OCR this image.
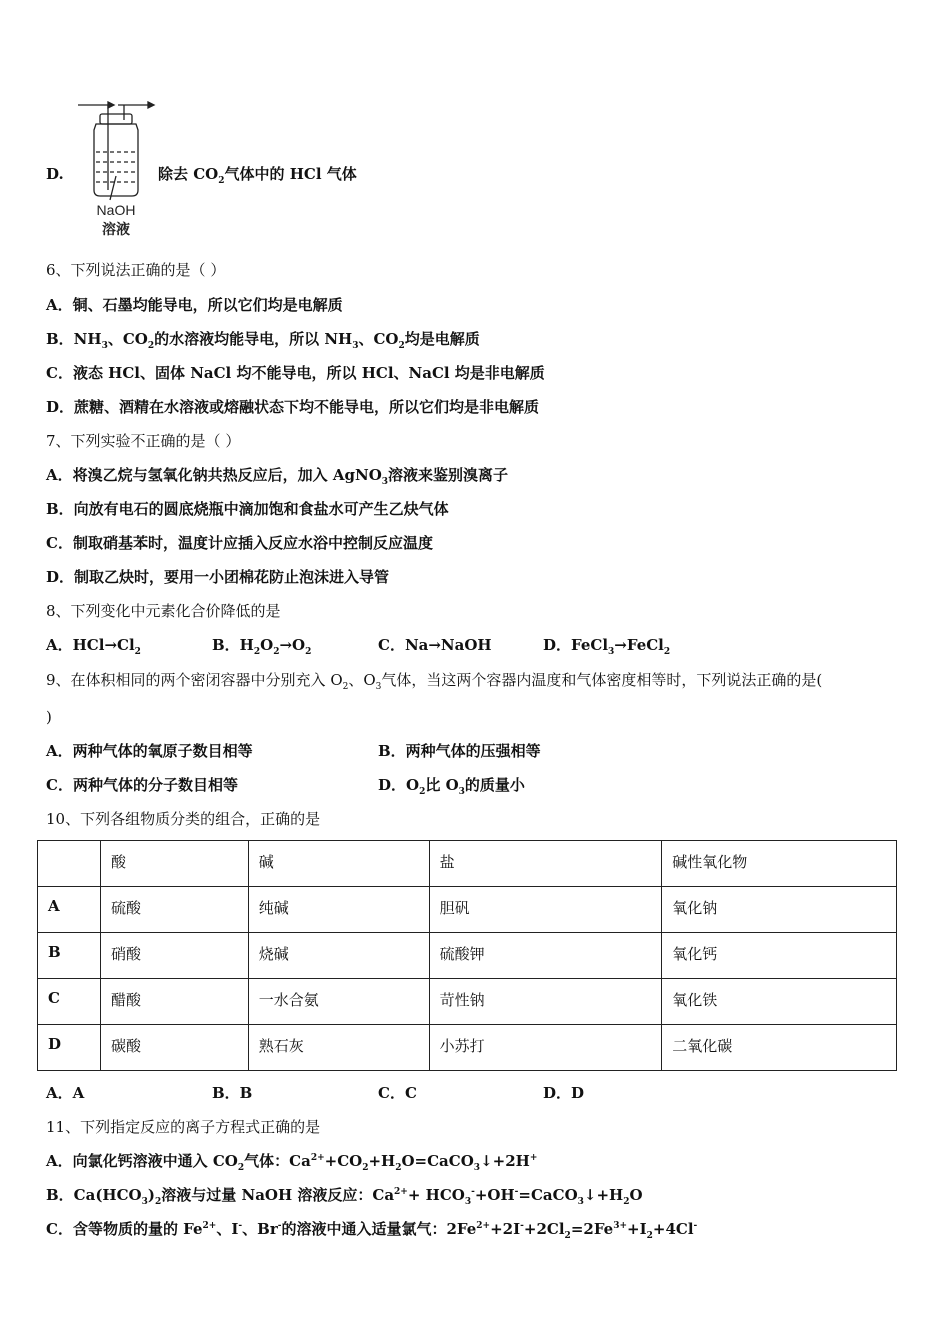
D.
NaOH
溶液
除去 $CO_2$气体中的 HCl 气体
6、下列说法正确的是（ ）
A．铜、石墨均能导电，所以它们均是电解质
B．$NH_3$、$CO_2$的水溶液均能导电，所以 $NH_3$、$CO_2$均是电解质
C．液态 HCl、固体 NaCl 均不能导电，所以 HCl、NaCl 均是非电解质
D．蔗糖、酒精在水溶液或熔融状态下均不能导电，所以它们均是非电解质
7、下列实验不正确的是（ ）
A．将溴乙烷与氢氧化钠共热反应后，加入 AgNO$_3$溶液来鉴别溴离子
B．向放有电石的圆底烧瓶中滴加饱和食盐水可产生乙炔气体
C．制取硝基苯时，温度计应插入反应水浴中控制反应温度
D．制取乙炔时，要用一小团棉花防止泡沫进入导管
8、下列变化中元素化合价降低的是
A．$HCl\to Cl_2$	B．$H_2O_2\to O_2$	C．Na→NaOH	D．FeCl$_3$→FeCl$_2$
9、在体积相同的两个密闭容器中分别充入 $O_2$、$O_3$气体，当这两个容器内温度和气体密度相等时，下列说法正确的是(
)
A．两种气体的氧原子数目相等	B．两种气体的压强相等
C．两种气体的分子数目相等	D．$O_2$比 $O_3$的质量小
10、下列各组物质分类的组合，正确的是
	酸	碱	盐	碱性氧化物
A	硫酸	纯碱	胆矾	氧化钠
B	硝酸	烧碱	硫酸钾	氧化钙
C	醋酸	一水合氨	苛性钠	氧化铁
D	碳酸	熟石灰	小苏打	二氧化碳
A．A	B．B	C．C	D．D
11、下列指定反应的离子方程式正确的是
A．向氯化钙溶液中通入 $CO_2$气体：$Ca^{2+}+CO_2+H_2O=CaCO_3↓+2H^+$
B．$Ca(HCO_3)_2$溶液与过量 NaOH 溶液反应：$Ca^{2+}+$ $HCO_3^-+OH^-=CaCO_3↓+H_2O$
C．含等物质的量的 $Fe^{2+}$、I-、Br-的溶液中通入适量氯气：$2Fe^{2+}+2I^-+2Cl_2=2Fe^{3+}+I_2+4Cl^-$
